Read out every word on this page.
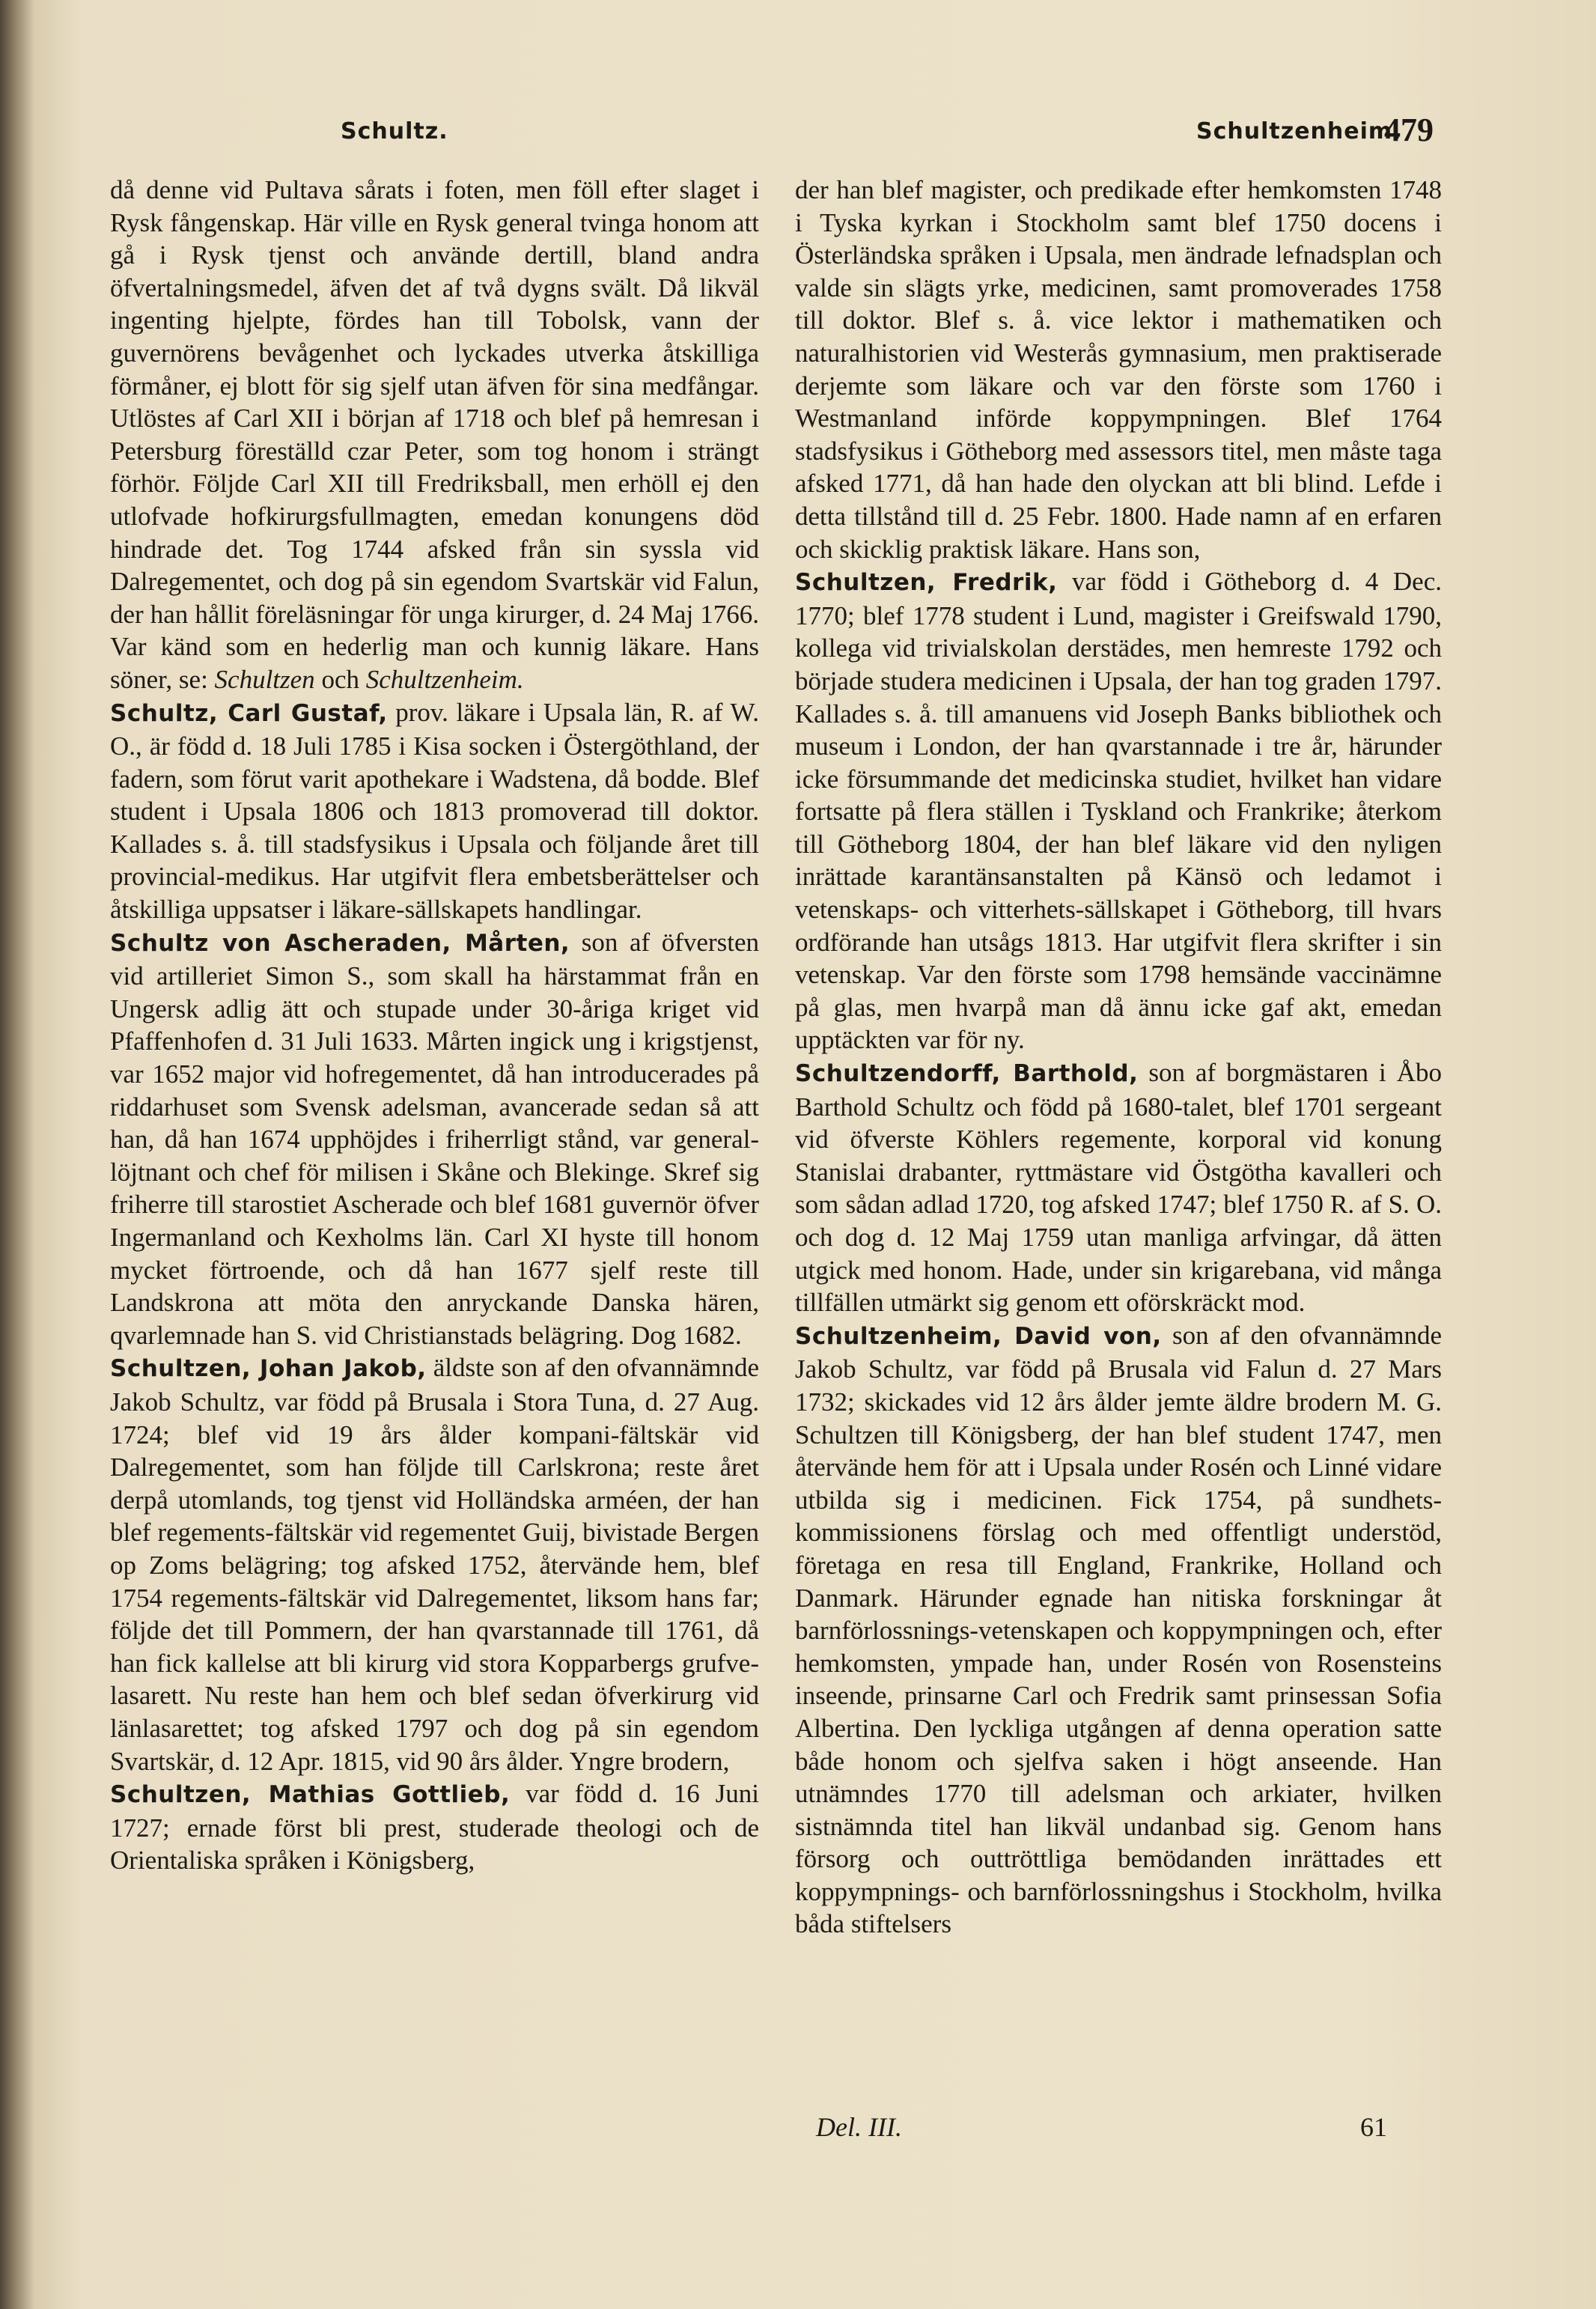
Schultz.	Schultzenheim.
479

då denne vid Pultava sårats i foten, men föll efter slaget i Rysk fångenskap. Här ville en Rysk general tvinga honom att gå i Rysk tjenst och använde dertill, bland andra öfvertalningsmedel, äfven det af två dygns svält. Då likväl ingenting hjelpte, fördes han till Tobolsk, vann der guvernörens bevågenhet och lyckades utverka åtskilliga förmåner, ej blott för sig sjelf utan äfven för sina medfångar. Utlöstes af Carl XII i början af 1718 och blef på hemresan i Petersburg föreställd czar Peter, som tog honom i strängt förhör. Följde Carl XII till Fredriksball, men erhöll ej den utlofvade hofkirurgsfullmagten, emedan konungens död hindrade det. Tog 1744 afsked från sin syssla vid Dalregementet, och dog på sin egendom Svartskär vid Falun, der han hållit föreläsningar för unga kirurger, d. 24 Maj 1766. Var känd som en hederlig man och kunnig läkare. Hans söner, se: Schultzen och Schultzenheim.

Schultz, Carl Gustaf, prov. läkare i Upsala län, R. af W. O., är född d. 18 Juli 1785 i Kisa socken i Östergöthland, der fadern, som förut varit apothekare i Wadstena, då bodde. Blef student i Upsala 1806 och 1813 promoverad till doktor. Kallades s. å. till stadsfysikus i Upsala och följande året till provincial-medikus. Har utgifvit flera embetsberättelser och åtskilliga uppsatser i läkare-sällskapets handlingar.

Schultz von Ascheraden, Mårten, son af öfversten vid artilleriet Simon S., som skall ha härstammat från en Ungersk adlig ätt och stupade under 30-åriga kriget vid Pfaffenhofen d. 31 Juli 1633. Mårten ingick ung i krigstjenst, var 1652 major vid hofregementet, då han introducerades på riddarhuset som Svensk adelsman, avancerade sedan så att han, då han 1674 upphöjdes i friherrligt stånd, var general-löjtnant och chef för milisen i Skåne och Blekinge. Skref sig friherre till starostiet Ascherade och blef 1681 guvernör öfver Ingermanland och Kexholms län. Carl XI hyste till honom mycket förtroende, och då han 1677 sjelf reste till Landskrona att möta den anryckande Danska hären, qvarlemnade han S. vid Christianstads belägring. Dog 1682.

Schultzen, Johan Jakob, äldste son af den ofvannämnde Jakob Schultz, var född på Brusala i Stora Tuna, d. 27 Aug. 1724; blef vid 19 års ålder kompani-fältskär vid Dalregementet, som han följde till Carlskrona; reste året derpå utomlands, tog tjenst vid Holländska arméen, der han blef regements-fältskär vid regementet Guij, bivistade Bergen op Zoms belägring; tog afsked 1752, återvände hem, blef 1754 regements-fältskär vid Dalregementet, liksom hans far; följde det till Pommern, der han qvarstannade till 1761, då han fick kallelse att bli kirurg vid stora Kopparbergs grufve-lasarett. Nu reste han hem och blef sedan öfverkirurg vid länlasarettet; tog afsked 1797 och dog på sin egendom Svartskär, d. 12 Apr. 1815, vid 90 års ålder. Yngre brodern,

Schultzen, Mathias Gottlieb, var född d. 16 Juni 1727; ernade först bli prest, studerade theologi och de Orientaliska språken i Königsberg,

der han blef magister, och predikade efter hemkomsten 1748 i Tyska kyrkan i Stockholm samt blef 1750 docens i Österländska språken i Upsala, men ändrade lefnadsplan och valde sin slägts yrke, medicinen, samt promoverades 1758 till doktor. Blef s. å. vice lektor i mathematiken och naturalhistorien vid Westerås gymnasium, men praktiserade derjemte som läkare och var den förste som 1760 i Westmanland införde koppympningen. Blef 1764 stadsfysikus i Götheborg med assessors titel, men måste taga afsked 1771, då han hade den olyckan att bli blind. Lefde i detta tillstånd till d. 25 Febr. 1800. Hade namn af en erfaren och skicklig praktisk läkare. Hans son,

Schultzen, Fredrik, var född i Götheborg d. 4 Dec. 1770; blef 1778 student i Lund, magister i Greifswald 1790, kollega vid trivialskolan derstädes, men hemreste 1792 och började studera medicinen i Upsala, der han tog graden 1797. Kallades s. å. till amanuens vid Joseph Banks bibliothek och museum i London, der han qvarstannade i tre år, härunder icke försummande det medicinska studiet, hvilket han vidare fortsatte på flera ställen i Tyskland och Frankrike; återkom till Götheborg 1804, der han blef läkare vid den nyligen inrättade karantänsanstalten på Känsö och ledamot i vetenskaps- och vitterhets-sällskapet i Götheborg, till hvars ordförande han utsågs 1813. Har utgifvit flera skrifter i sin vetenskap. Var den förste som 1798 hemsände vaccinämne på glas, men hvarpå man då ännu icke gaf akt, emedan upptäckten var för ny.

Schultzendorff, Barthold, son af borgmästaren i Åbo Barthold Schultz och född på 1680-talet, blef 1701 sergeant vid öfverste Köhlers regemente, korporal vid konung Stanislai drabanter, ryttmästare vid Östgötha kavalleri och som sådan adlad 1720, tog afsked 1747; blef 1750 R. af S. O. och dog d. 12 Maj 1759 utan manliga arfvingar, då ätten utgick med honom. Hade, under sin krigarebana, vid många tillfällen utmärkt sig genom ett oförskräckt mod.

Schultzenheim, David von, son af den ofvannämnde Jakob Schultz, var född på Brusala vid Falun d. 27 Mars 1732; skickades vid 12 års ålder jemte äldre brodern M. G. Schultzen till Königsberg, der han blef student 1747, men återvände hem för att i Upsala under Rosén och Linné vidare utbilda sig i medicinen. Fick 1754, på sundhets-kommissionens förslag och med offentligt understöd, företaga en resa till England, Frankrike, Holland och Danmark. Härunder egnade han nitiska forskningar åt barnförlossnings-vetenskapen och koppympningen och, efter hemkomsten, ympade han, under Rosén von Rosensteins inseende, prinsarne Carl och Fredrik samt prinsessan Sofia Albertina. Den lyckliga utgången af denna operation satte både honom och sjelfva saken i högt anseende. Han utnämndes 1770 till adelsman och arkiater, hvilken sistnämnda titel han likväl undanbad sig. Genom hans försorg och outtröttliga bemödanden inrättades ett koppympnings- och barnförlossningshus i Stockholm, hvilka båda stiftelsers

Del. III.	61
